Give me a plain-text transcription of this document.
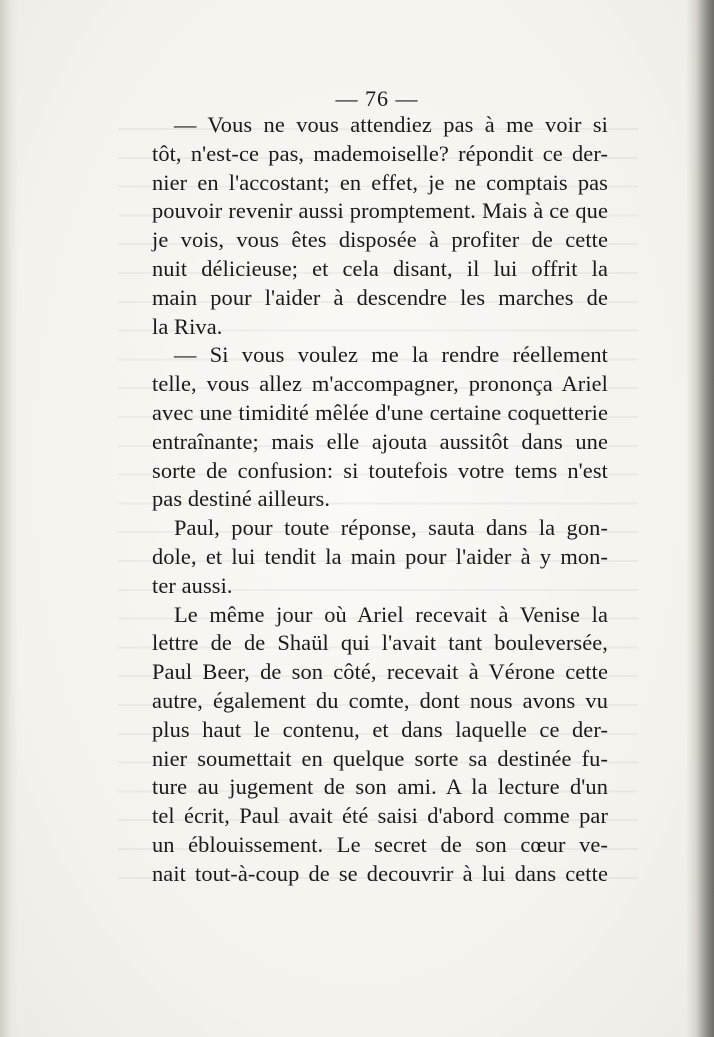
— 76 —
— Vous ne vous attendiez pas à me voir si
tôt, n'est-ce pas, mademoiselle? répondit ce der-
nier en l'accostant; en effet, je ne comptais pas
pouvoir revenir aussi promptement. Mais à ce que
je vois, vous êtes disposée à profiter de cette
nuit délicieuse; et cela disant, il lui offrit la
main pour l'aider à descendre les marches de
la Riva.
— Si vous voulez me la rendre réellement
telle, vous allez m'accompagner, prononça Ariel
avec une timidité mêlée d'une certaine coquetterie
entraînante; mais elle ajouta aussitôt dans une
sorte de confusion: si toutefois votre tems n'est
pas destiné ailleurs.
Paul, pour toute réponse, sauta dans la gon-
dole, et lui tendit la main pour l'aider à y mon-
ter aussi.
Le même jour où Ariel recevait à Venise la
lettre de de Shaül qui l'avait tant bouleversée,
Paul Beer, de son côté, recevait à Vérone cette
autre, également du comte, dont nous avons vu
plus haut le contenu, et dans laquelle ce der-
nier soumettait en quelque sorte sa destinée fu-
ture au jugement de son ami. A la lecture d'un
tel écrit, Paul avait été saisi d'abord comme par
un éblouissement. Le secret de son cœur ve-
nait tout-à-coup de se decouvrir à lui dans cette
